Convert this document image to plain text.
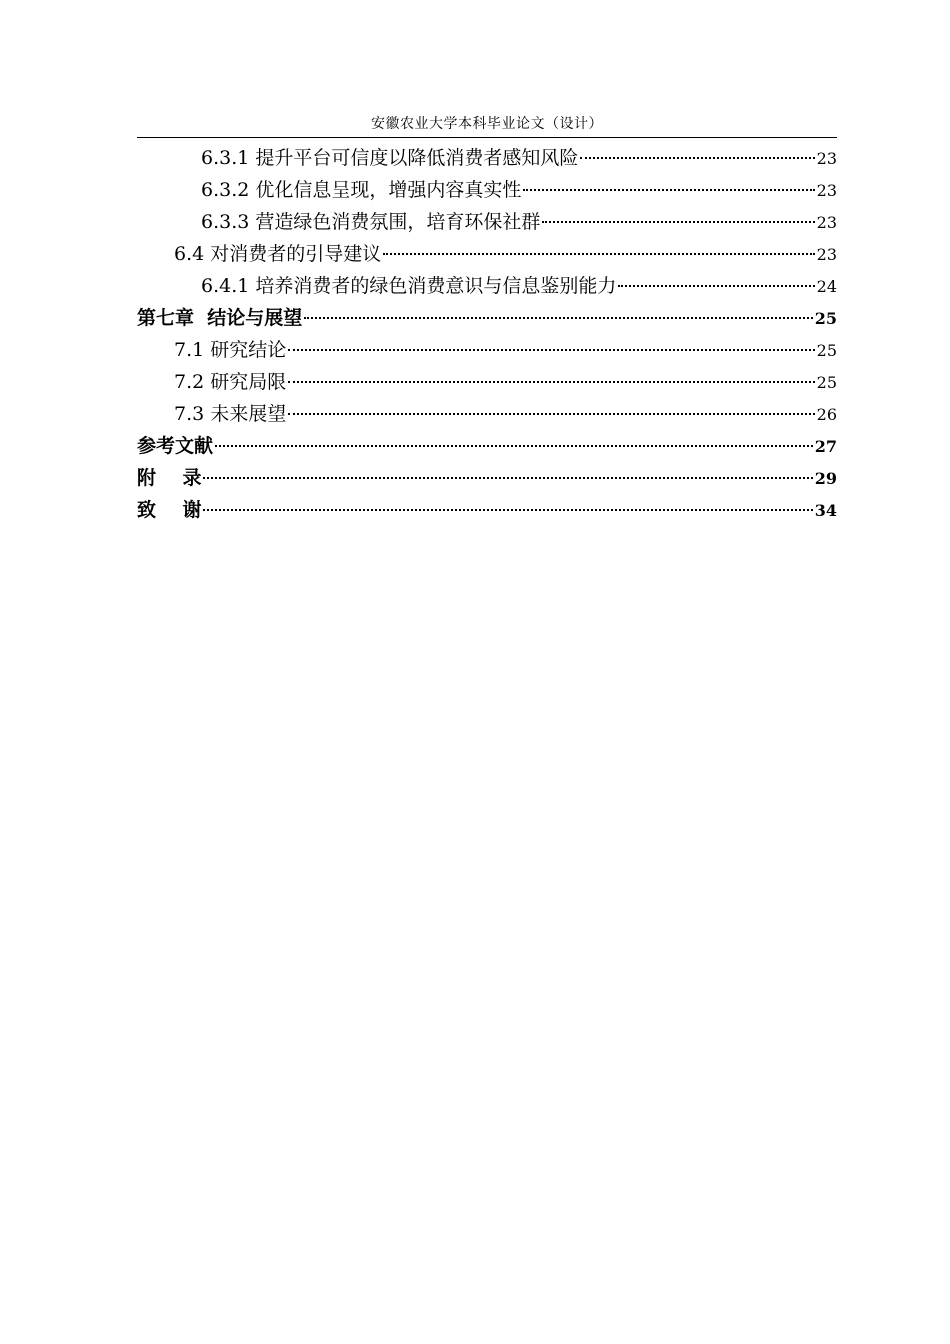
安徽农业大学本科毕业论文（设计）
6.3.1 提升平台可信度以降低消费者感知风险	23
6.3.2 优化信息呈现，增强内容真实性	23
6.3.3 营造绿色消费氛围，培育环保社群	23
6.4 对消费者的引导建议	23
6.4.1 培养消费者的绿色消费意识与信息鉴别能力	24
第七章  结论与展望	25
7.1 研究结论	25
7.2 研究局限	25
7.3 未来展望	26
参考文献	27
附    录	29
致    谢	34
